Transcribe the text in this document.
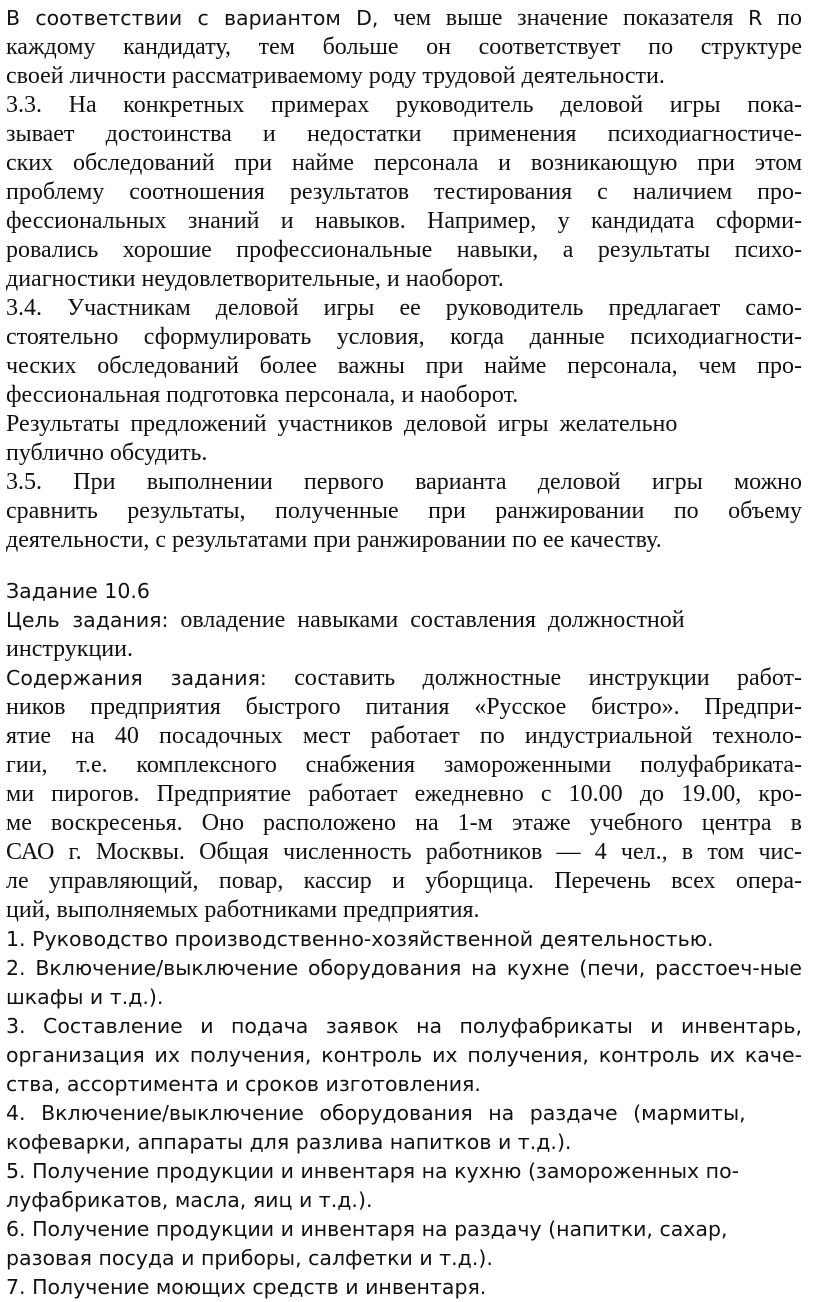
В соответствии с вариантом D, чем выше значение показателя R по
каждому кандидату, тем больше он соответствует по структуре
своей личности рассматриваемому роду трудовой деятельности.
3.3. На конкретных примерах руководитель деловой игры пока-
зывает достоинства и недостатки применения психодиагностиче-
ских обследований при найме персонала и возникающую при этом
проблему соотношения результатов тестирования с наличием про-
фессиональных знаний и навыков. Например, у кандидата сформи-
ровались хорошие профессиональные навыки, а результаты психо-
диагностики неудовлетворительные, и наоборот.
3.4. Участникам деловой игры ее руководитель предлагает само-
стоятельно сформулировать условия, когда данные психодиагности-
ческих обследований более важны при найме персонала, чем про-
фессиональная подготовка персонала, и наоборот.
Результаты предложений участников деловой игры желательно
публично обсудить.
3.5. При выполнении первого варианта деловой игры можно
сравнить результаты, полученные при ранжировании по объему
деятельности, с результатами при ранжировании по ее качеству.
Задание 10.6
Цель задания: овладение навыками составления должностной
инструкции.
Содержания задания: составить должностные инструкции работ-
ников предприятия быстрого питания «Русское бистро». Предпри-
ятие на 40 посадочных мест работает по индустриальной техноло-
гии, т.е. комплексного снабжения замороженными полуфабриката-
ми пирогов. Предприятие работает ежедневно с 10.00 до 19.00, кро-
ме воскресенья. Оно расположено на 1-м этаже учебного центра в
САО г. Москвы. Общая численность работников — 4 чел., в том чис-
ле управляющий, повар, кассир и уборщица. Перечень всех опера-
ций, выполняемых работниками предприятия.
1. Руководство производственно-хозяйственной деятельностью.
2. Включение/выключение оборудования на кухне (печи, расстоеч-ные
шкафы и т.д.).
3. Составление и подача заявок на полуфабрикаты и инвентарь,
организация их получения, контроль их получения, контроль их каче-
ства, ассортимента и сроков изготовления.
4. Включение/выключение оборудования на раздаче (мармиты,
кофеварки, аппараты для разлива напитков и т.д.).
5. Получение продукции и инвентаря на кухню (замороженных по-
луфабрикатов, масла, яиц и т.д.).
6. Получение продукции и инвентаря на раздачу (напитки, сахар,
разовая посуда и приборы, салфетки и т.д.).
7. Получение моющих средств и инвентаря.
